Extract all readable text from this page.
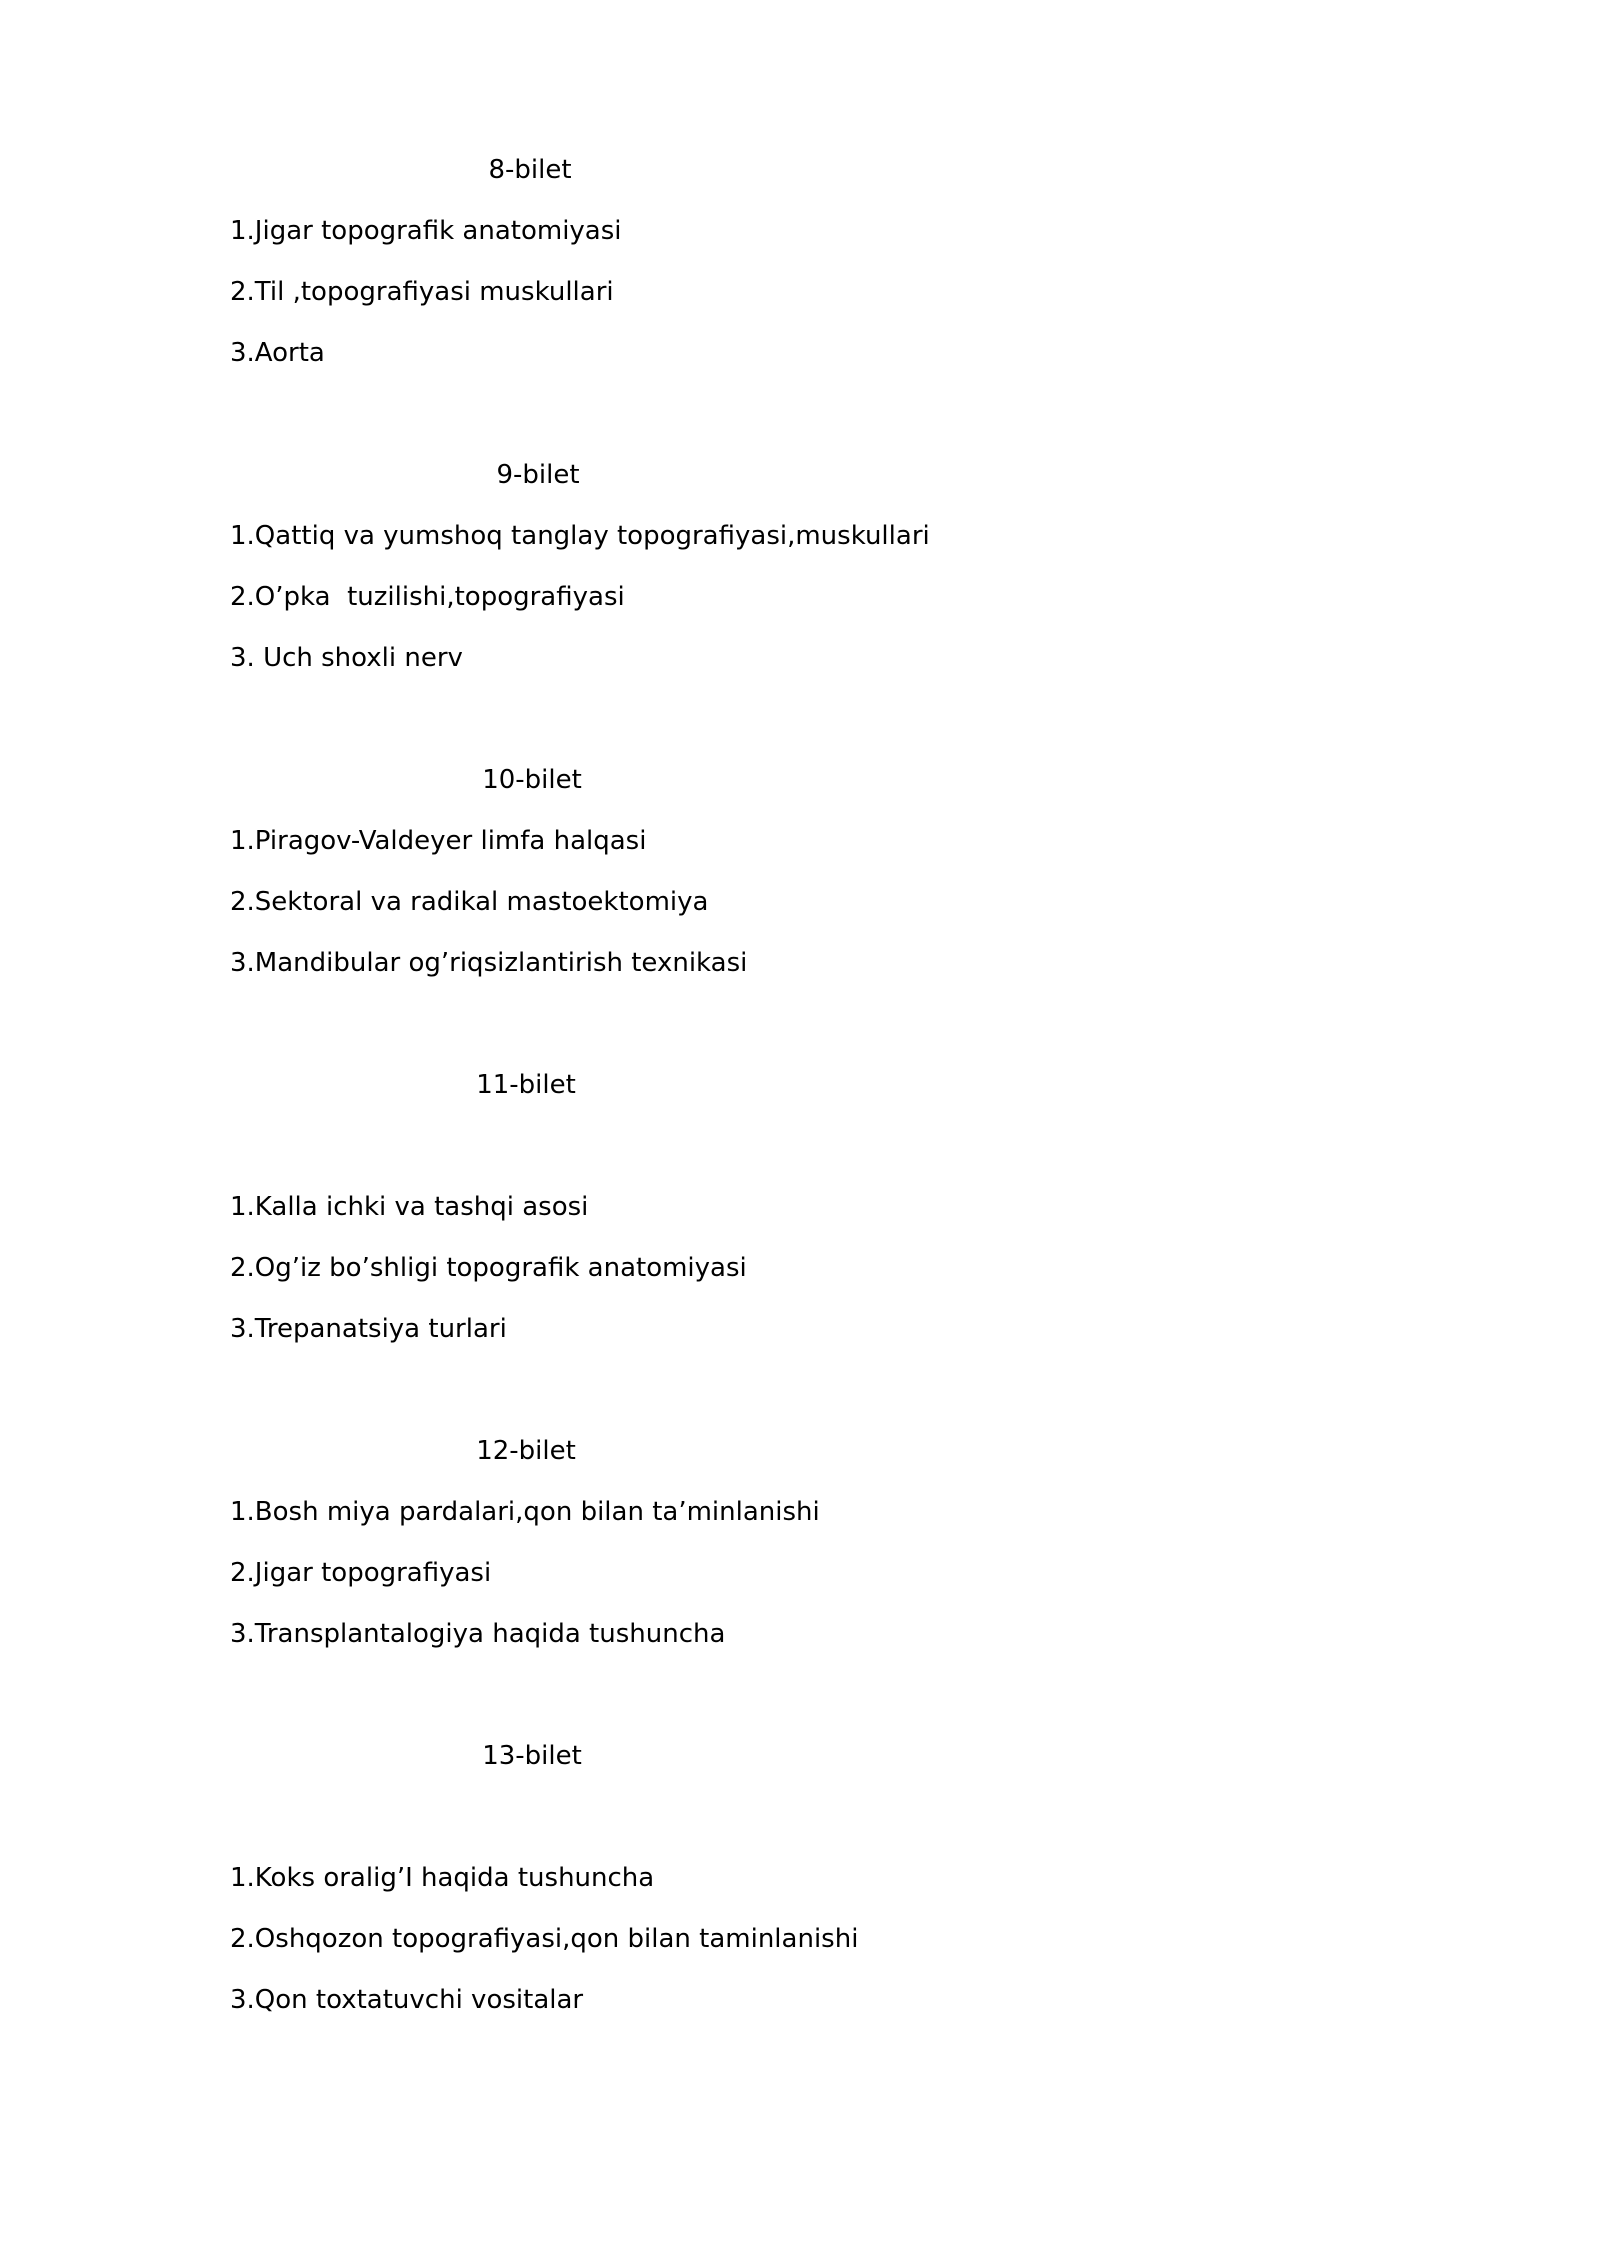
8-bilet
1.Jigar topografik anatomiyasi
2.Til ,topografiyasi muskullari
3.Aorta
9-bilet
1.Qattiq va yumshoq tanglay topografiyasi,muskullari
2.O’pka  tuzilishi,topografiyasi
3. Uch shoxli nerv
10-bilet
1.Piragov-Valdeyer limfa halqasi
2.Sektoral va radikal mastoektomiya
3.Mandibular og’riqsizlantirish texnikasi
11-bilet
1.Kalla ichki va tashqi asosi
2.Og’iz bo’shligi topografik anatomiyasi
3.Trepanatsiya turlari
12-bilet
1.Bosh miya pardalari,qon bilan ta’minlanishi
2.Jigar topografiyasi
3.Transplantalogiya haqida tushuncha
13-bilet
1.Koks oralig’I haqida tushuncha
2.Oshqozon topografiyasi,qon bilan taminlanishi
3.Qon toxtatuvchi vositalar
